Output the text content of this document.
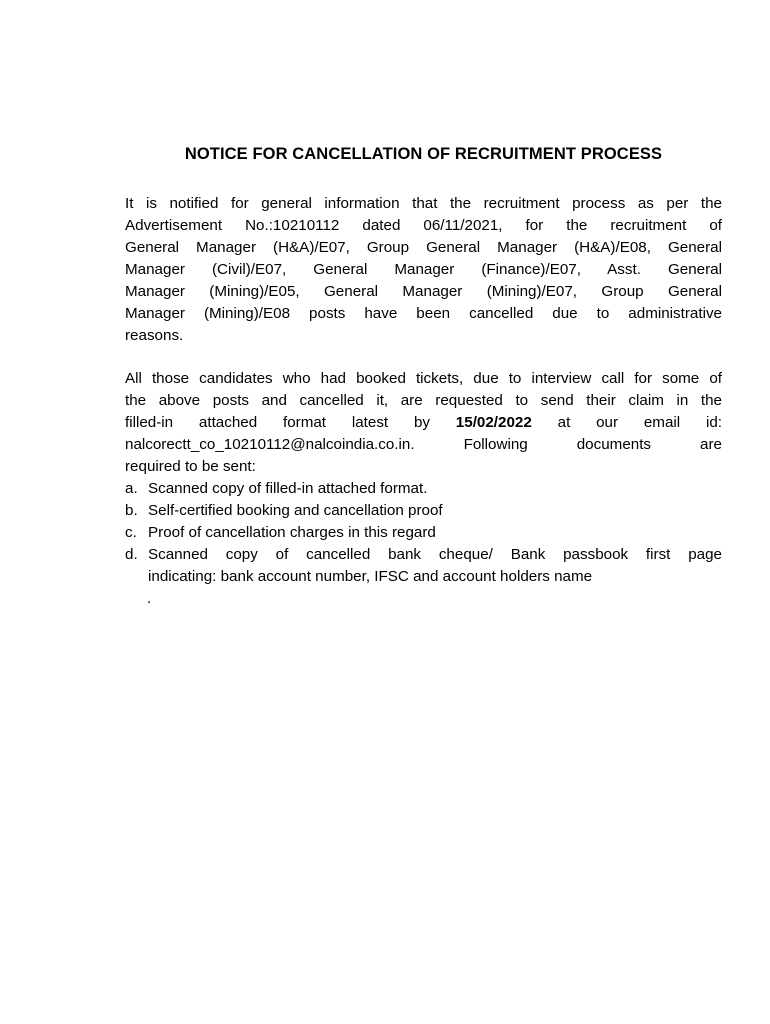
NOTICE FOR CANCELLATION OF RECRUITMENT PROCESS
It is notified for general information that the recruitment process as per the
Advertisement No.:10210112 dated 06/11/2021, for the recruitment of
General Manager (H&A)/E07, Group General Manager (H&A)/E08, General
Manager (Civil)/E07, General Manager (Finance)/E07, Asst. General
Manager (Mining)/E05, General Manager (Mining)/E07, Group General
Manager (Mining)/E08 posts have been cancelled due to administrative
reasons.
All those candidates who had booked tickets, due to interview call for some of
the above posts and cancelled it, are requested to send their claim in the
filled-in attached format latest by 15/02/2022 at our email id:
nalcorectt_co_10210112@nalcoindia.co.in. Following documents are
required to be sent:
a. Scanned copy of filled-in attached format.
b. Self-certified booking and cancellation proof
c. Proof of cancellation charges in this regard
d. Scanned copy of cancelled bank cheque/ Bank passbook first page
indicating: bank account number, IFSC and account holders name
.
